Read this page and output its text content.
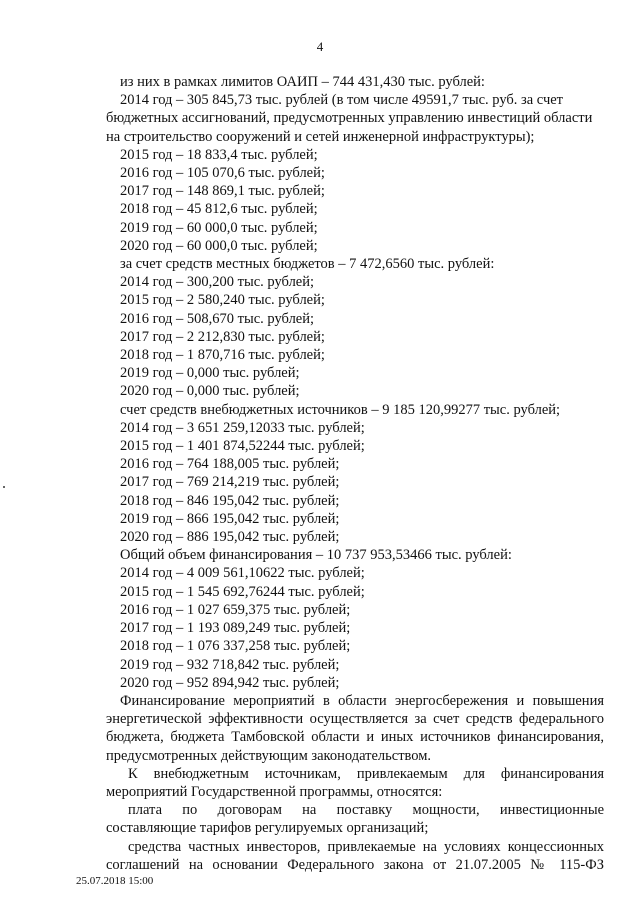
4
из них в рамках лимитов ОАИП – 744 431,430 тыс. рублей:
2014 год – 305 845,73 тыс. рублей (в том числе 49591,7 тыс. руб. за счет
бюджетных ассигнований, предусмотренных управлению инвестиций области
на строительство сооружений и сетей инженерной инфраструктуры);
2015 год – 18 833,4 тыс. рублей;
2016 год – 105 070,6 тыс. рублей;
2017 год – 148 869,1 тыс. рублей;
2018 год – 45 812,6 тыс. рублей;
2019 год – 60 000,0 тыс. рублей;
2020 год – 60 000,0 тыс. рублей;
за счет средств местных бюджетов – 7 472,6560 тыс. рублей:
2014 год – 300,200 тыс. рублей;
2015 год – 2 580,240 тыс. рублей;
2016 год – 508,670 тыс. рублей;
2017 год – 2 212,830 тыс. рублей;
2018 год – 1 870,716 тыс. рублей;
2019 год – 0,000 тыс. рублей;
2020 год – 0,000 тыс. рублей;
счет средств внебюджетных источников – 9 185 120,99277 тыс. рублей;
2014 год – 3 651 259,12033 тыс. рублей;
2015 год – 1 401 874,52244 тыс. рублей;
2016 год – 764 188,005 тыс. рублей;
2017 год – 769 214,219 тыс. рублей;
2018 год – 846 195,042 тыс. рублей;
2019 год – 866 195,042 тыс. рублей;
2020 год – 886 195,042 тыс. рублей;
Общий объем финансирования – 10 737 953,53466 тыс. рублей:
2014 год – 4 009 561,10622 тыс. рублей;
2015 год – 1 545 692,76244 тыс. рублей;
2016 год – 1 027 659,375 тыс. рублей;
2017 год – 1 193 089,249 тыс. рублей;
2018 год – 1 076 337,258 тыс. рублей;
2019 год – 932 718,842 тыс. рублей;
2020 год – 952 894,942 тыс. рублей;
Финансирование мероприятий в области энергосбережения и повышения
энергетической эффективности осуществляется за счет средств федерального
бюджета, бюджета Тамбовской области и иных источников финансирования,
предусмотренных действующим законодательством.
К внебюджетным источникам, привлекаемым для финансирования
мероприятий Государственной программы, относятся:
плата по договорам на поставку мощности, инвестиционные
составляющие тарифов регулируемых организаций;
средства частных инвесторов, привлекаемые на условиях концессионных
соглашений на основании Федерального закона от 21.07.2005 № 115-ФЗ
25.07.2018 15:00
